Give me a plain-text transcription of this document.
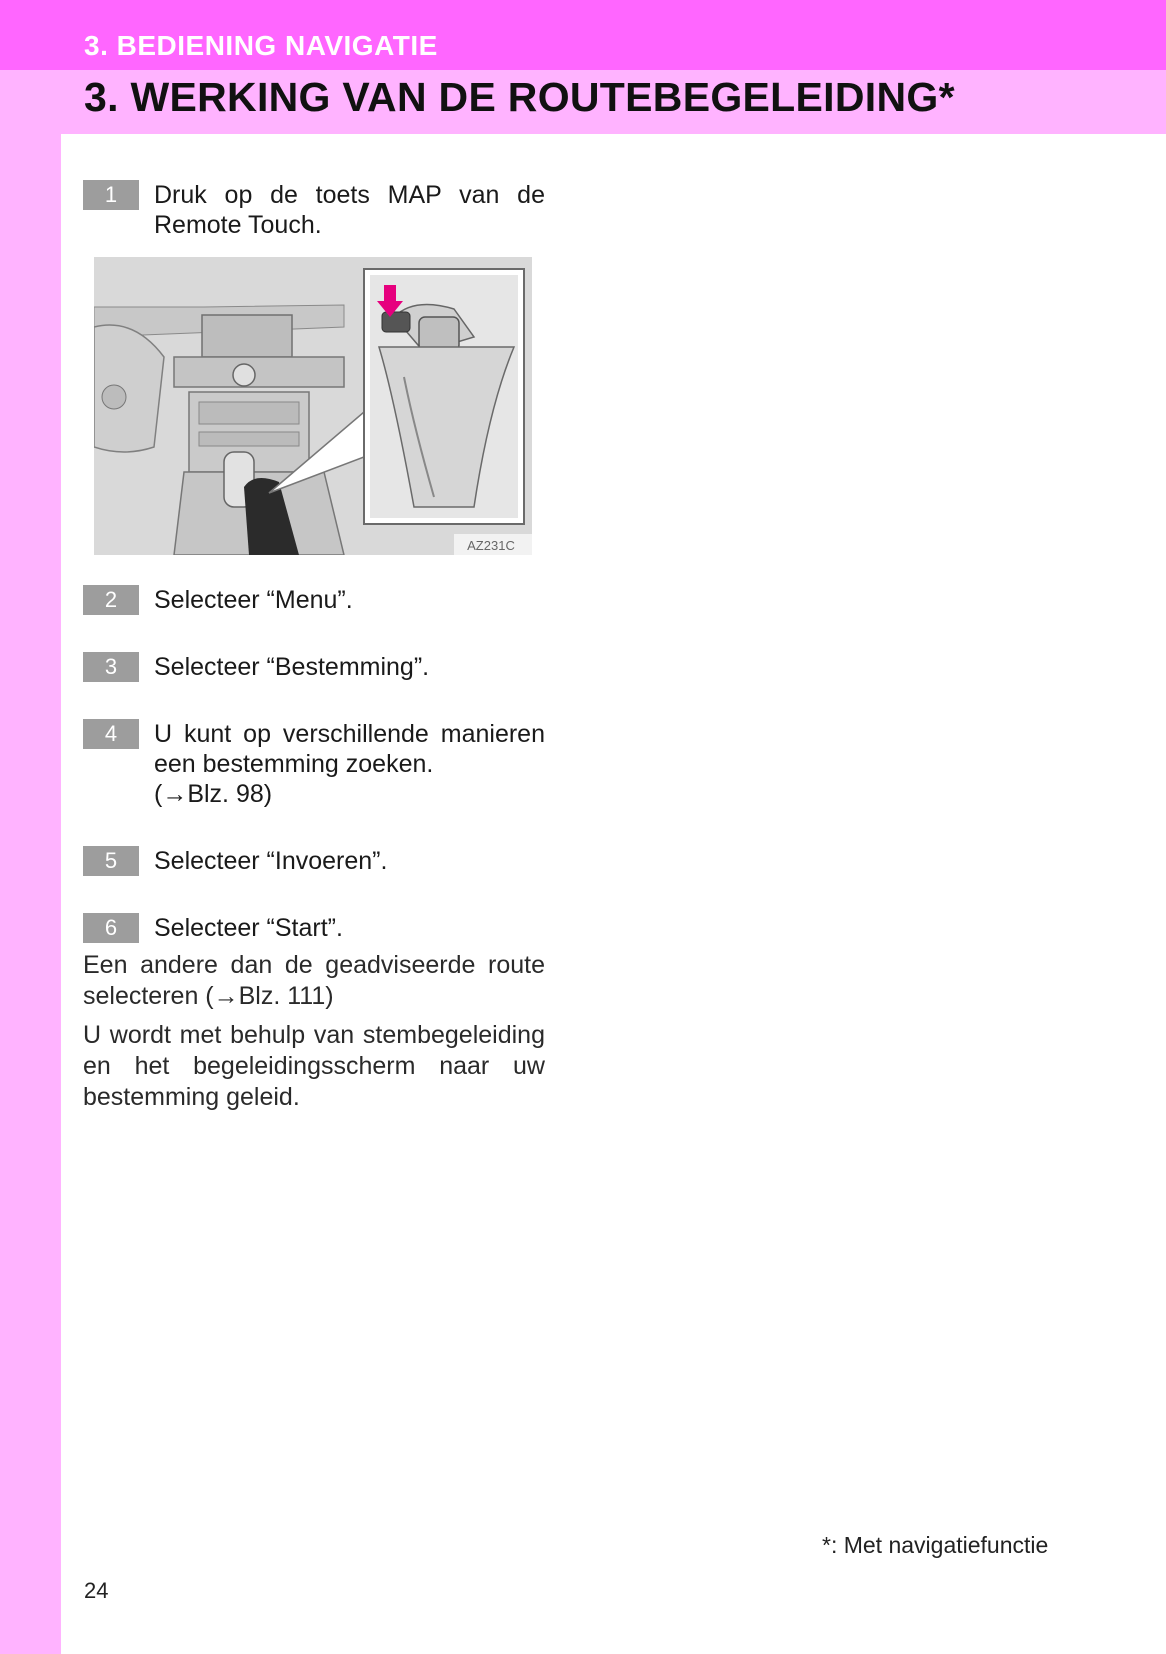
3. BEDIENING NAVIGATIE
3. WERKING VAN DE ROUTEBEGELEIDING*
1	Druk op de toets MAP van de Remote Touch.
AZ231C
2	Selecteer “Menu”.
3	Selecteer “Bestemming”.
4	U kunt op verschillende manieren een bestemming zoeken.
(→Blz. 98)
5	Selecteer “Invoeren”.
6	Selecteer “Start”.
Een andere dan de geadviseerde route selecteren (→Blz. 111)
U wordt met behulp van stembegeleiding en het begeleidingsscherm naar uw bestemming geleid.
*: Met navigatiefunctie
24
